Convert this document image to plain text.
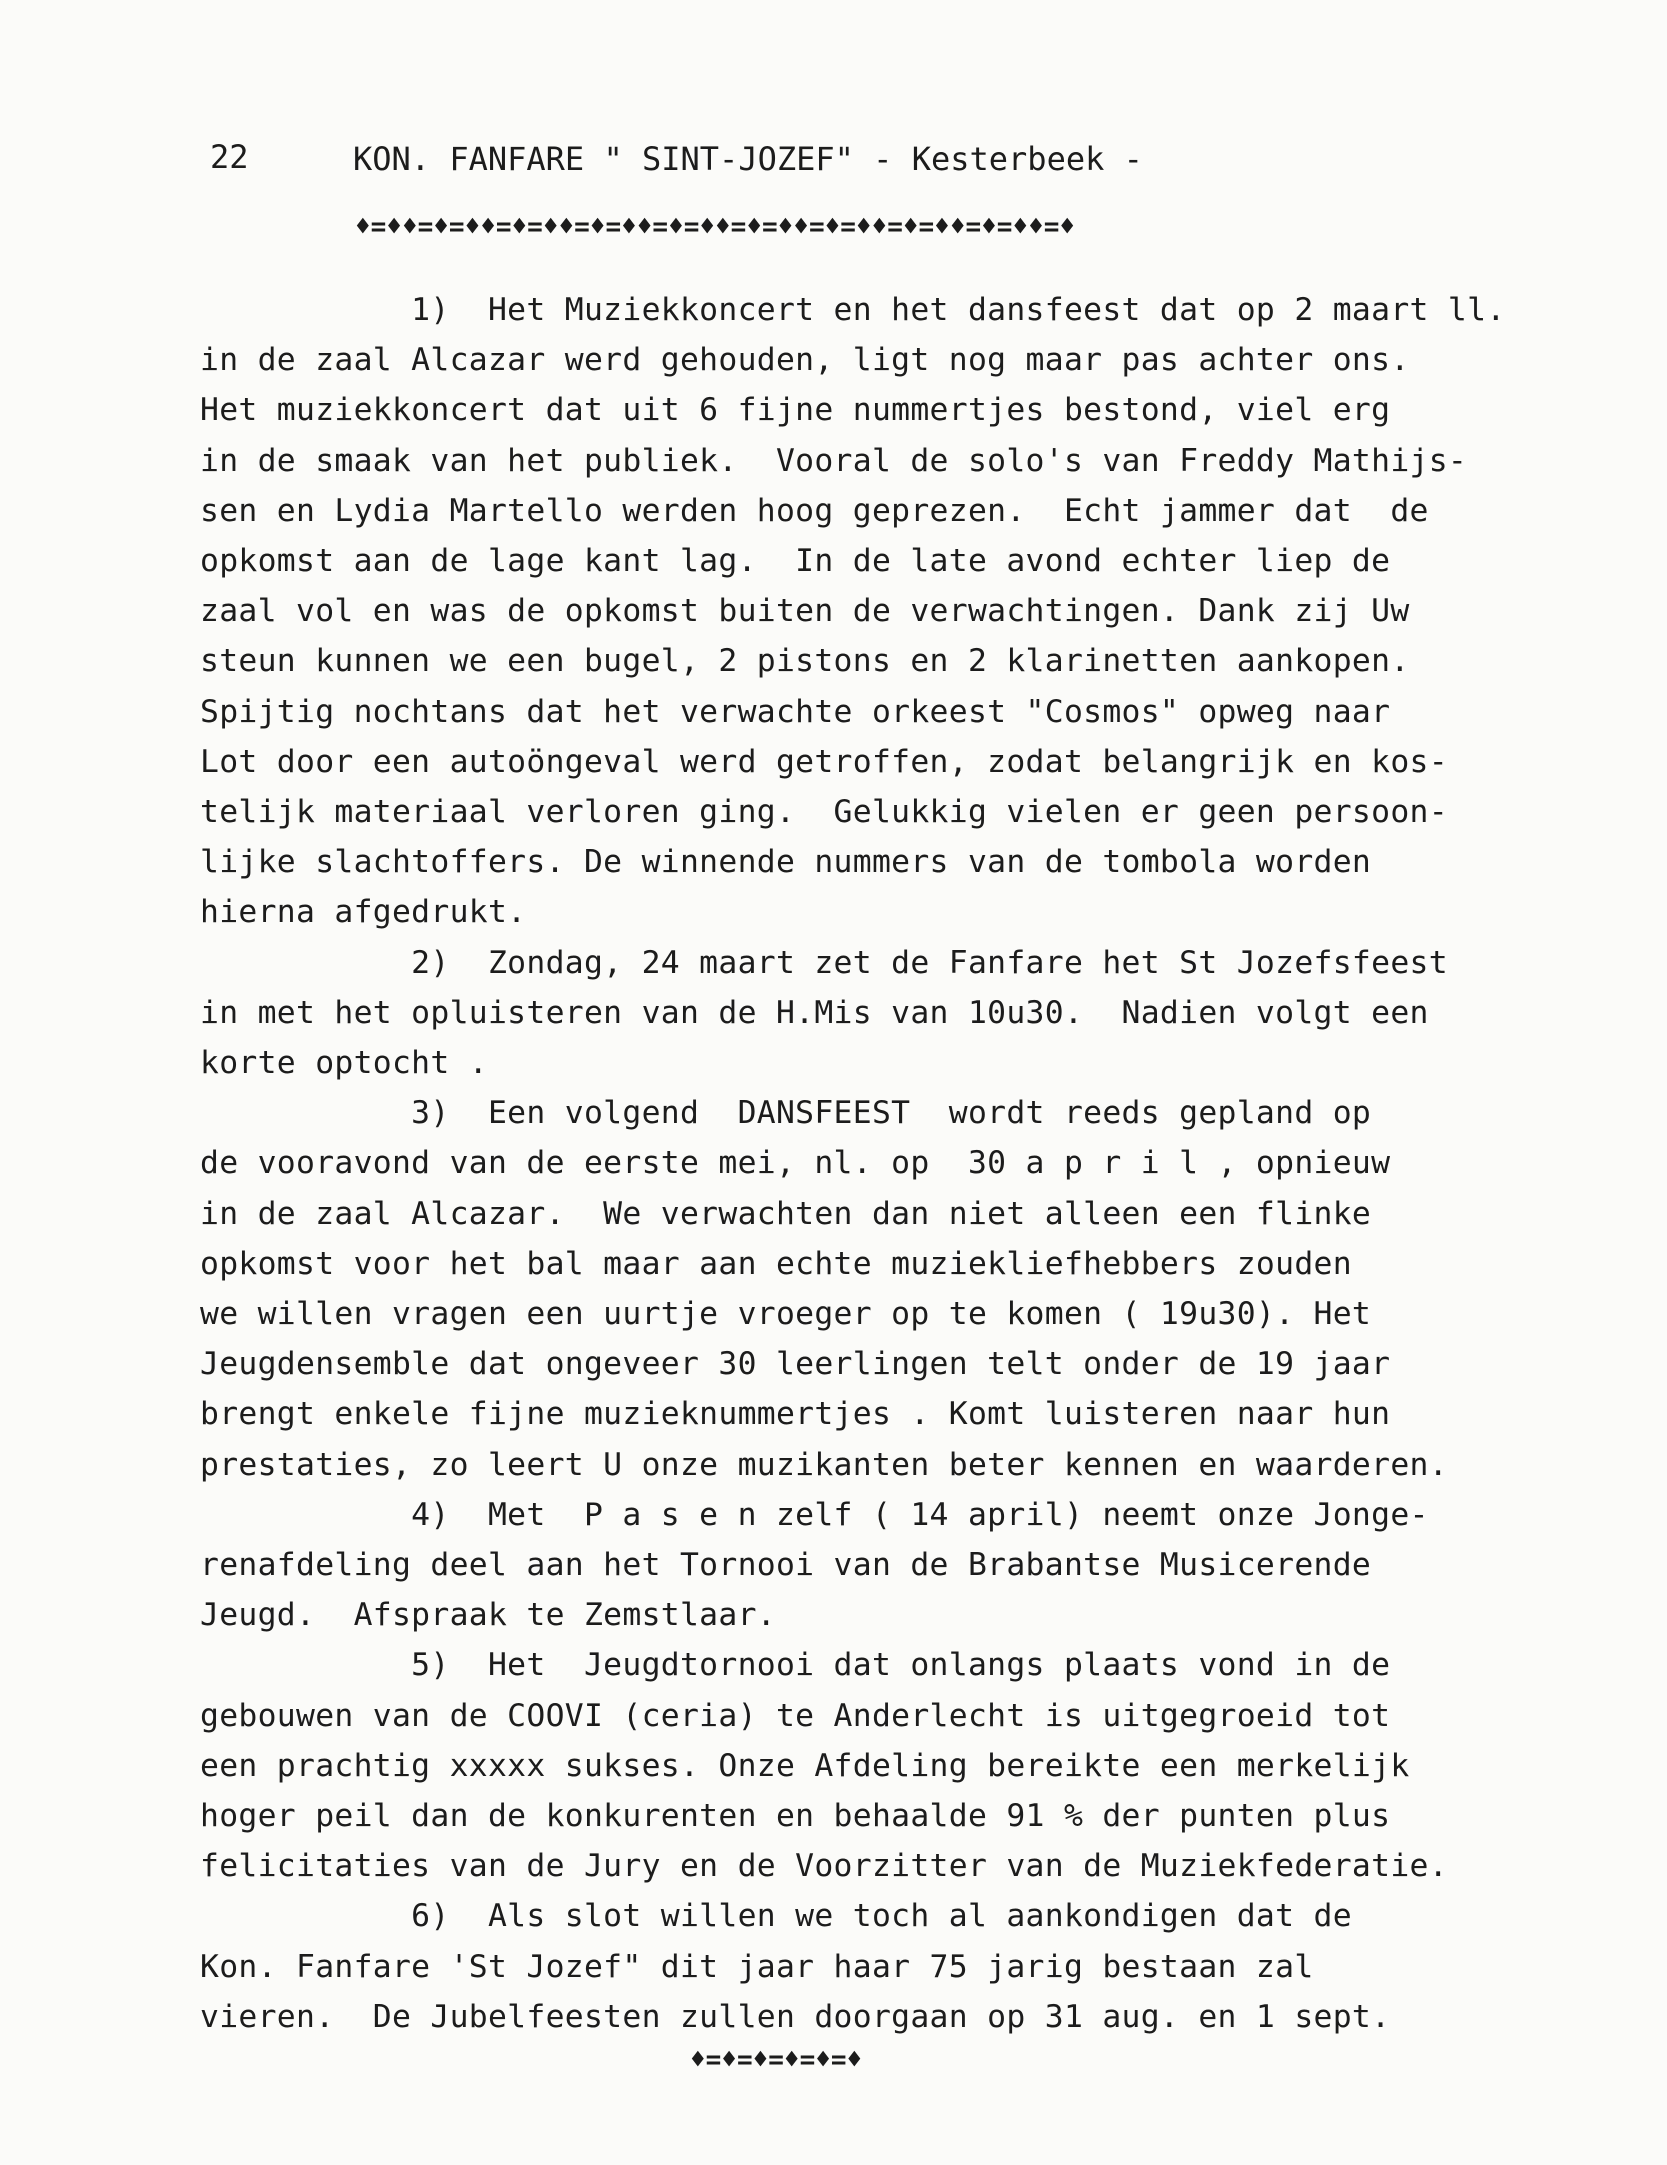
22

	KON. FANFARE " SINT-JOZEF" - Kesterbeek -

♦=♦♦=♦=♦♦=♦=♦♦=♦=♦♦=♦=♦♦=♦=♦♦=♦=♦♦=♦=♦♦=♦=♦♦=♦
1)  Het Muziekkoncert en het dansfeest dat op 2 maart ll.
in de zaal Alcazar werd gehouden, ligt nog maar pas achter ons.
Het muziekkoncert dat uit 6 fijne nummertjes bestond, viel erg
in de smaak van het publiek.  Vooral de solo's van Freddy Mathijs-
sen en Lydia Martello werden hoog geprezen.  Echt jammer dat  de
opkomst aan de lage kant lag.  In de late avond echter liep de
zaal vol en was de opkomst buiten de verwachtingen. Dank zij Uw
steun kunnen we een bugel, 2 pistons en 2 klarinetten aankopen.
Spijtig nochtans dat het verwachte orkeest "Cosmos" opweg naar
Lot door een autoöngeval werd getroffen, zodat belangrijk en kos-
telijk materiaal verloren ging.  Gelukkig vielen er geen persoon-
lijke slachtoffers. De winnende nummers van de tombola worden
hierna afgedrukt.
2)  Zondag, 24 maart zet de Fanfare het St Jozefsfeest
in met het opluisteren van de H.Mis van 10u30.  Nadien volgt een
korte optocht .
3)  Een volgend  DANSFEEST  wordt reeds gepland op
de vooravond van de eerste mei, nl. op  30 a p r i l , opnieuw
in de zaal Alcazar.  We verwachten dan niet alleen een flinke
opkomst voor het bal maar aan echte muziekliefhebbers zouden
we willen vragen een uurtje vroeger op te komen ( 19u30). Het
Jeugdensemble dat ongeveer 30 leerlingen telt onder de 19 jaar
brengt enkele fijne muzieknummertjes . Komt luisteren naar hun
prestaties, zo leert U onze muzikanten beter kennen en waarderen.
4)  Met  P a s e n zelf ( 14 april) neemt onze Jonge-
renafdeling deel aan het Tornooi van de Brabantse Musicerende
Jeugd.  Afspraak te Zemstlaar.
5)  Het  Jeugdtornooi dat onlangs plaats vond in de
gebouwen van de COOVI (ceria) te Anderlecht is uitgegroeid tot
een prachtig xxxxx sukses. Onze Afdeling bereikte een merkelijk
hoger peil dan de konkurenten en behaalde 91 % der punten plus
felicitaties van de Jury en de Voorzitter van de Muziekfederatie.
6)  Als slot willen we toch al aankondigen dat de
Kon. Fanfare 'St Jozef" dit jaar haar 75 jarig bestaan zal
vieren.  De Jubelfeesten zullen doorgaan op 31 aug. en 1 sept.
♦=♦=♦=♦=♦=♦
